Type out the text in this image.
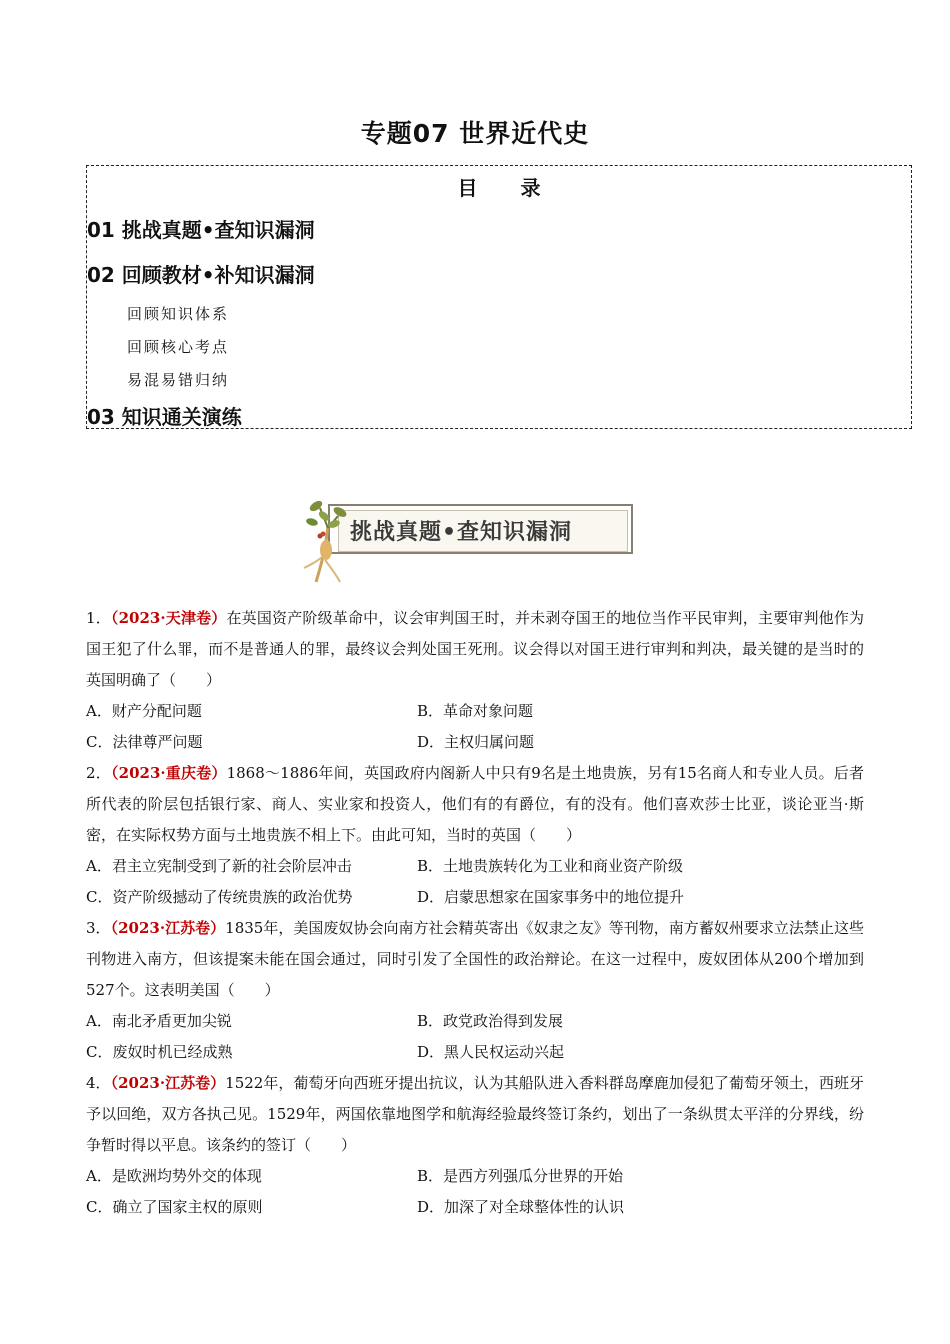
专题07 世界近代史
目 录
01 挑战真题•查知识漏洞
02 回顾教材•补知识漏洞
回顾知识体系
回顾核心考点
易混易错归纳
03 知识通关演练
挑战真题•查知识漏洞

1．（2023·天津卷）在英国资产阶级革命中，议会审判国王时，并未剥夺国王的地位当作平民审判，主要审判他作为国王犯了什么罪，而不是普通人的罪，最终议会判处国王死刑。议会得以对国王进行审判和判决，最关键的是当时的英国明确了（　　）

A．财产分配问题	B．革命对象问题
C．法律尊严问题	D．主权归属问题

2．（2023·重庆卷）1868～1886年间，英国政府内阁新人中只有9名是土地贵族，另有15名商人和专业人员。后者所代表的阶层包括银行家、商人、实业家和投资人，他们有的有爵位，有的没有。他们喜欢莎士比亚，谈论亚当·斯密，在实际权势方面与土地贵族不相上下。由此可知，当时的英国（　　）

A．君主立宪制受到了新的社会阶层冲击	B．土地贵族转化为工业和商业资产阶级
C．资产阶级撼动了传统贵族的政治优势	D．启蒙思想家在国家事务中的地位提升

3．（2023·江苏卷）1835年，美国废奴协会向南方社会精英寄出《奴隶之友》等刊物，南方蓄奴州要求立法禁止这些刊物进入南方，但该提案未能在国会通过，同时引发了全国性的政治辩论。在这一过程中，废奴团体从200个增加到527个。这表明美国（　　）

A．南北矛盾更加尖锐	B．政党政治得到发展
C．废奴时机已经成熟	D．黑人民权运动兴起

4．（2023·江苏卷）1522年，葡萄牙向西班牙提出抗议，认为其船队进入香料群岛摩鹿加侵犯了葡萄牙领土，西班牙予以回绝，双方各执己见。1529年，两国依靠地图学和航海经验最终签订条约，划出了一条纵贯太平洋的分界线，纷争暂时得以平息。该条约的签订（　　）

A．是欧洲均势外交的体现	B．是西方列强瓜分世界的开始
C．确立了国家主权的原则	D．加深了对全球整体性的认识
